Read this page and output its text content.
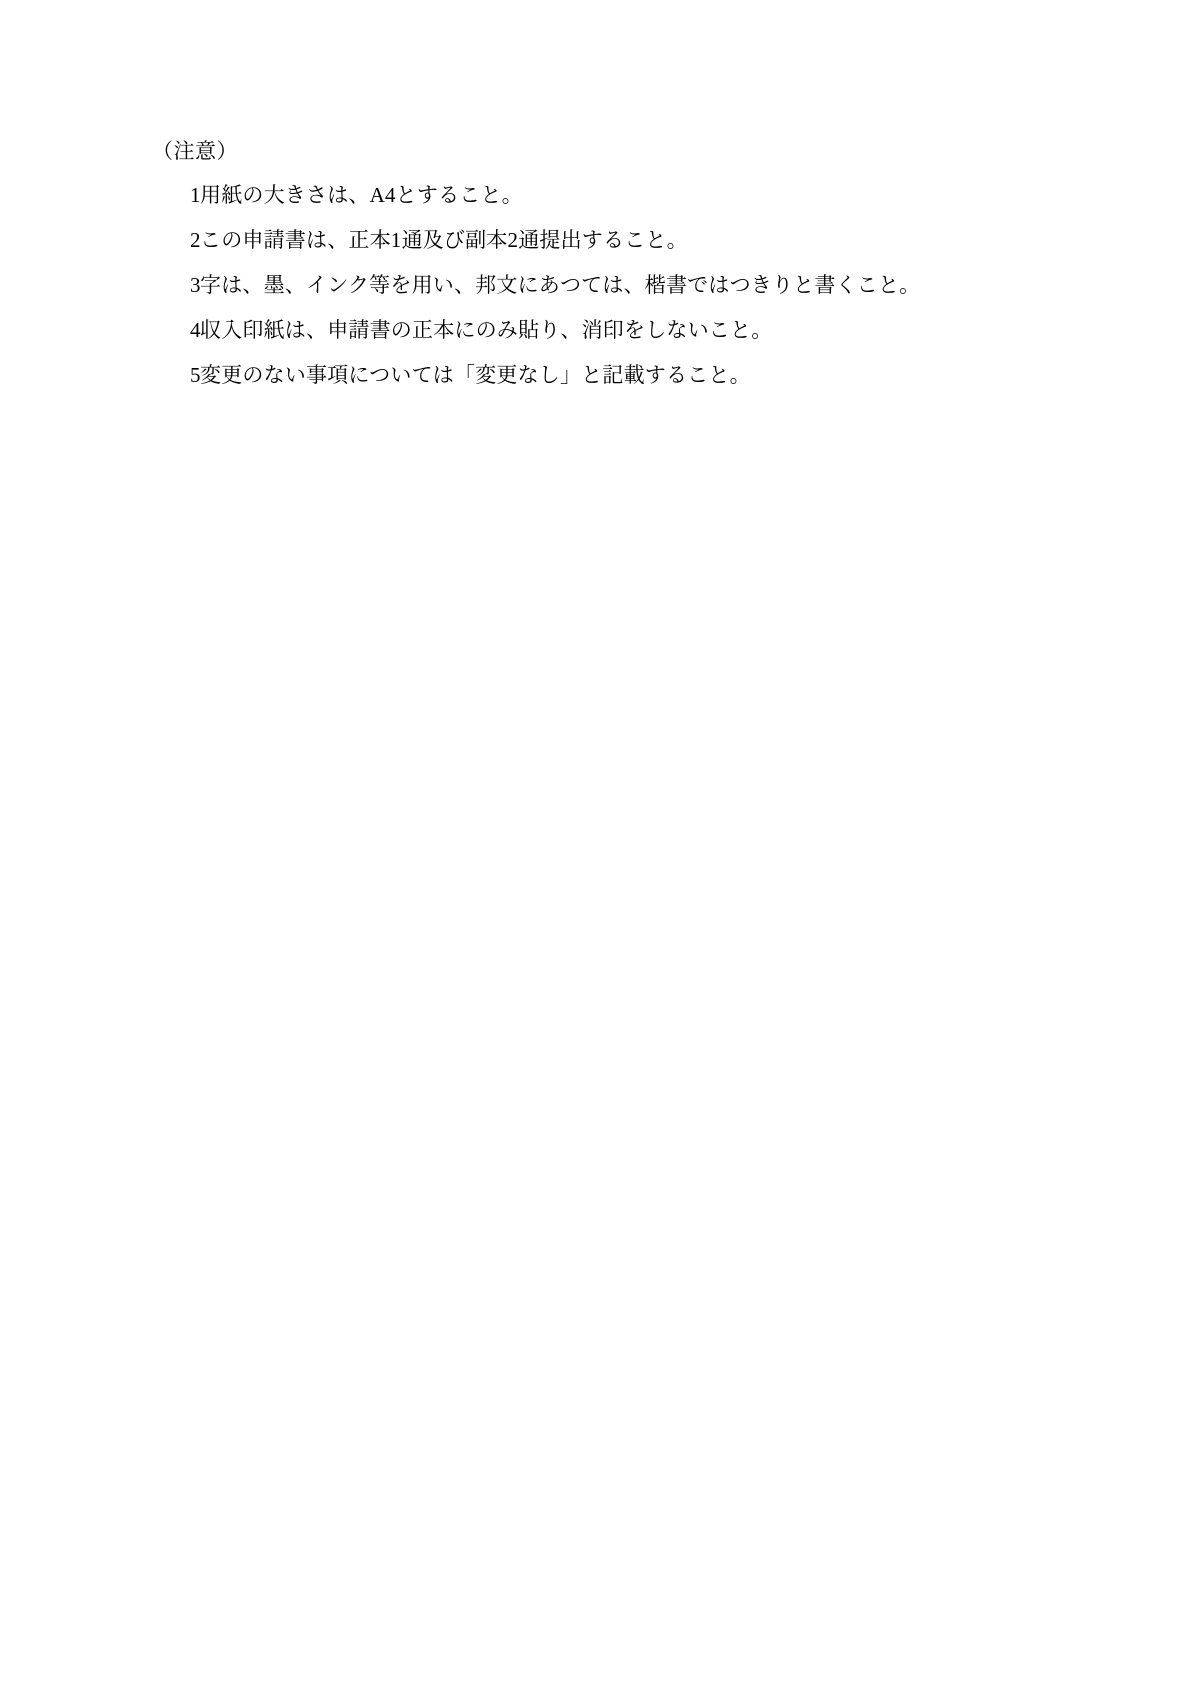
（注意）
1 用紙の大きさは、A4とすること。
2 この申請書は、正本1通及び副本2通提出すること。
3 字は、墨、インク等を用い、邦文にあつては、楷書ではつきりと書くこと。
4 収入印紙は、申請書の正本にのみ貼り、消印をしないこと。
5 変更のない事項については「変更なし」と記載すること。
